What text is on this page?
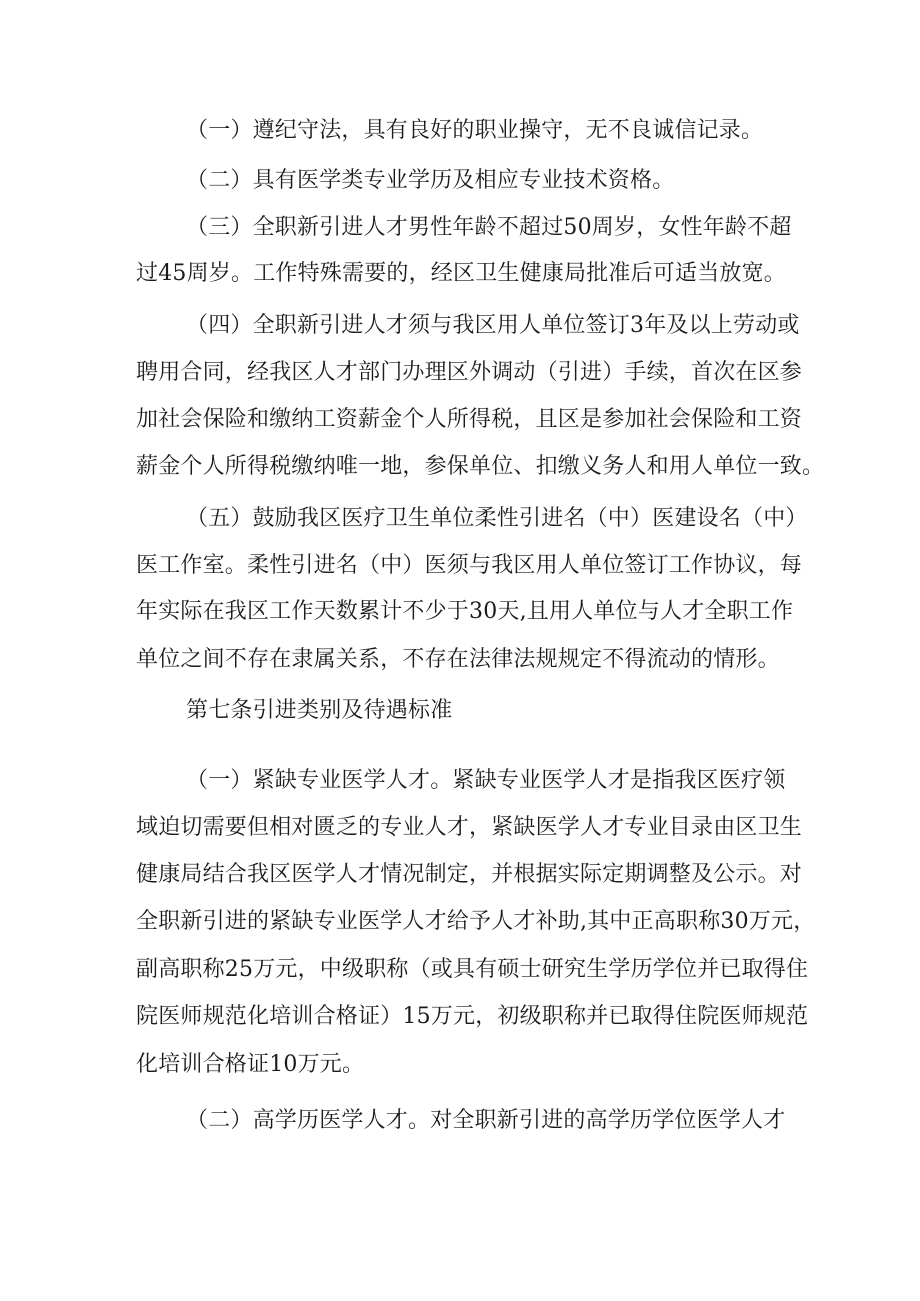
（一）遵纪守法，具有良好的职业操守，无不良诚信记录。
（二）具有医学类专业学历及相应专业技术资格。
（三）全职新引进人才男性年龄不超过50周岁，女性年龄不超
过45周岁。工作特殊需要的，经区卫生健康局批准后可适当放宽。
（四）全职新引进人才须与我区用人单位签订3年及以上劳动或
聘用合同，经我区人才部门办理区外调动（引进）手续，首次在区参
加社会保险和缴纳工资薪金个人所得税，且区是参加社会保险和工资
薪金个人所得税缴纳唯一地，参保单位、扣缴义务人和用人单位一致。
（五）鼓励我区医疗卫生单位柔性引进名（中）医建设名（中）
医工作室。柔性引进名（中）医须与我区用人单位签订工作协议，每
年实际在我区工作天数累计不少于30天,且用人单位与人才全职工作
单位之间不存在隶属关系，不存在法律法规规定不得流动的情形。
第七条引进类别及待遇标准
（一）紧缺专业医学人才。紧缺专业医学人才是指我区医疗领
域迫切需要但相对匮乏的专业人才，紧缺医学人才专业目录由区卫生
健康局结合我区医学人才情况制定，并根据实际定期调整及公示。对
全职新引进的紧缺专业医学人才给予人才补助,其中正高职称30万元，
副高职称25万元，中级职称（或具有硕士研究生学历学位并已取得住
院医师规范化培训合格证）15万元，初级职称并已取得住院医师规范
化培训合格证10万元。
（二）高学历医学人才。对全职新引进的高学历学位医学人才
